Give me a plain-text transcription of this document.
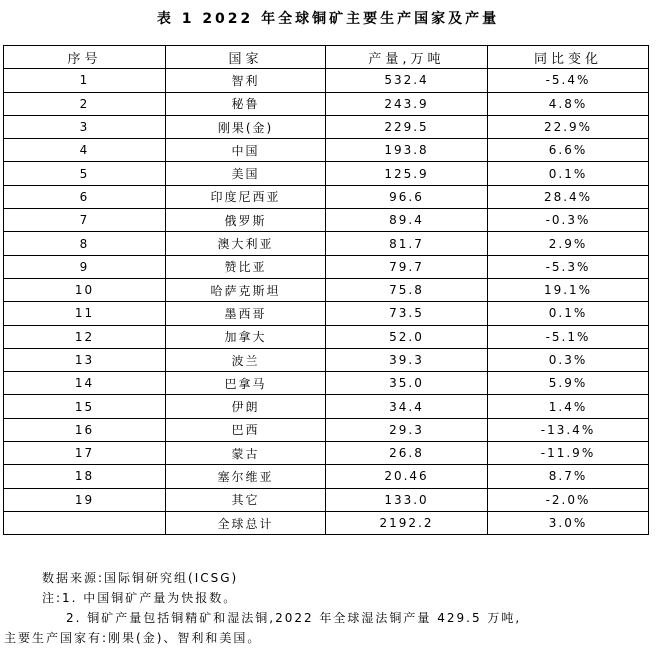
表 1 2022 年全球铜矿主要生产国家及产量
序号	国家	产量,万吨	同比变化
1	智利	532.4	-5.4%
2	秘鲁	243.9	4.8%
3	刚果(金)	229.5	22.9%
4	中国	193.8	6.6%
5	美国	125.9	0.1%
6	印度尼西亚	96.6	28.4%
7	俄罗斯	89.4	-0.3%
8	澳大利亚	81.7	2.9%
9	赞比亚	79.7	-5.3%
10	哈萨克斯坦	75.8	19.1%
11	墨西哥	73.5	0.1%
12	加拿大	52.0	-5.1%
13	波兰	39.3	0.3%
14	巴拿马	35.0	5.9%
15	伊朗	34.4	1.4%
16	巴西	29.3	-13.4%
17	蒙古	26.8	-11.9%
18	塞尔维亚	20.46	8.7%
19	其它	133.0	-2.0%
	全球总计	2192.2	3.0%
数据来源:国际铜研究组(ICSG)
注:1. 中国铜矿产量为快报数。
2. 铜矿产量包括铜精矿和湿法铜,2022 年全球湿法铜产量 429.5 万吨,
主要生产国家有:刚果(金)、智利和美国。
